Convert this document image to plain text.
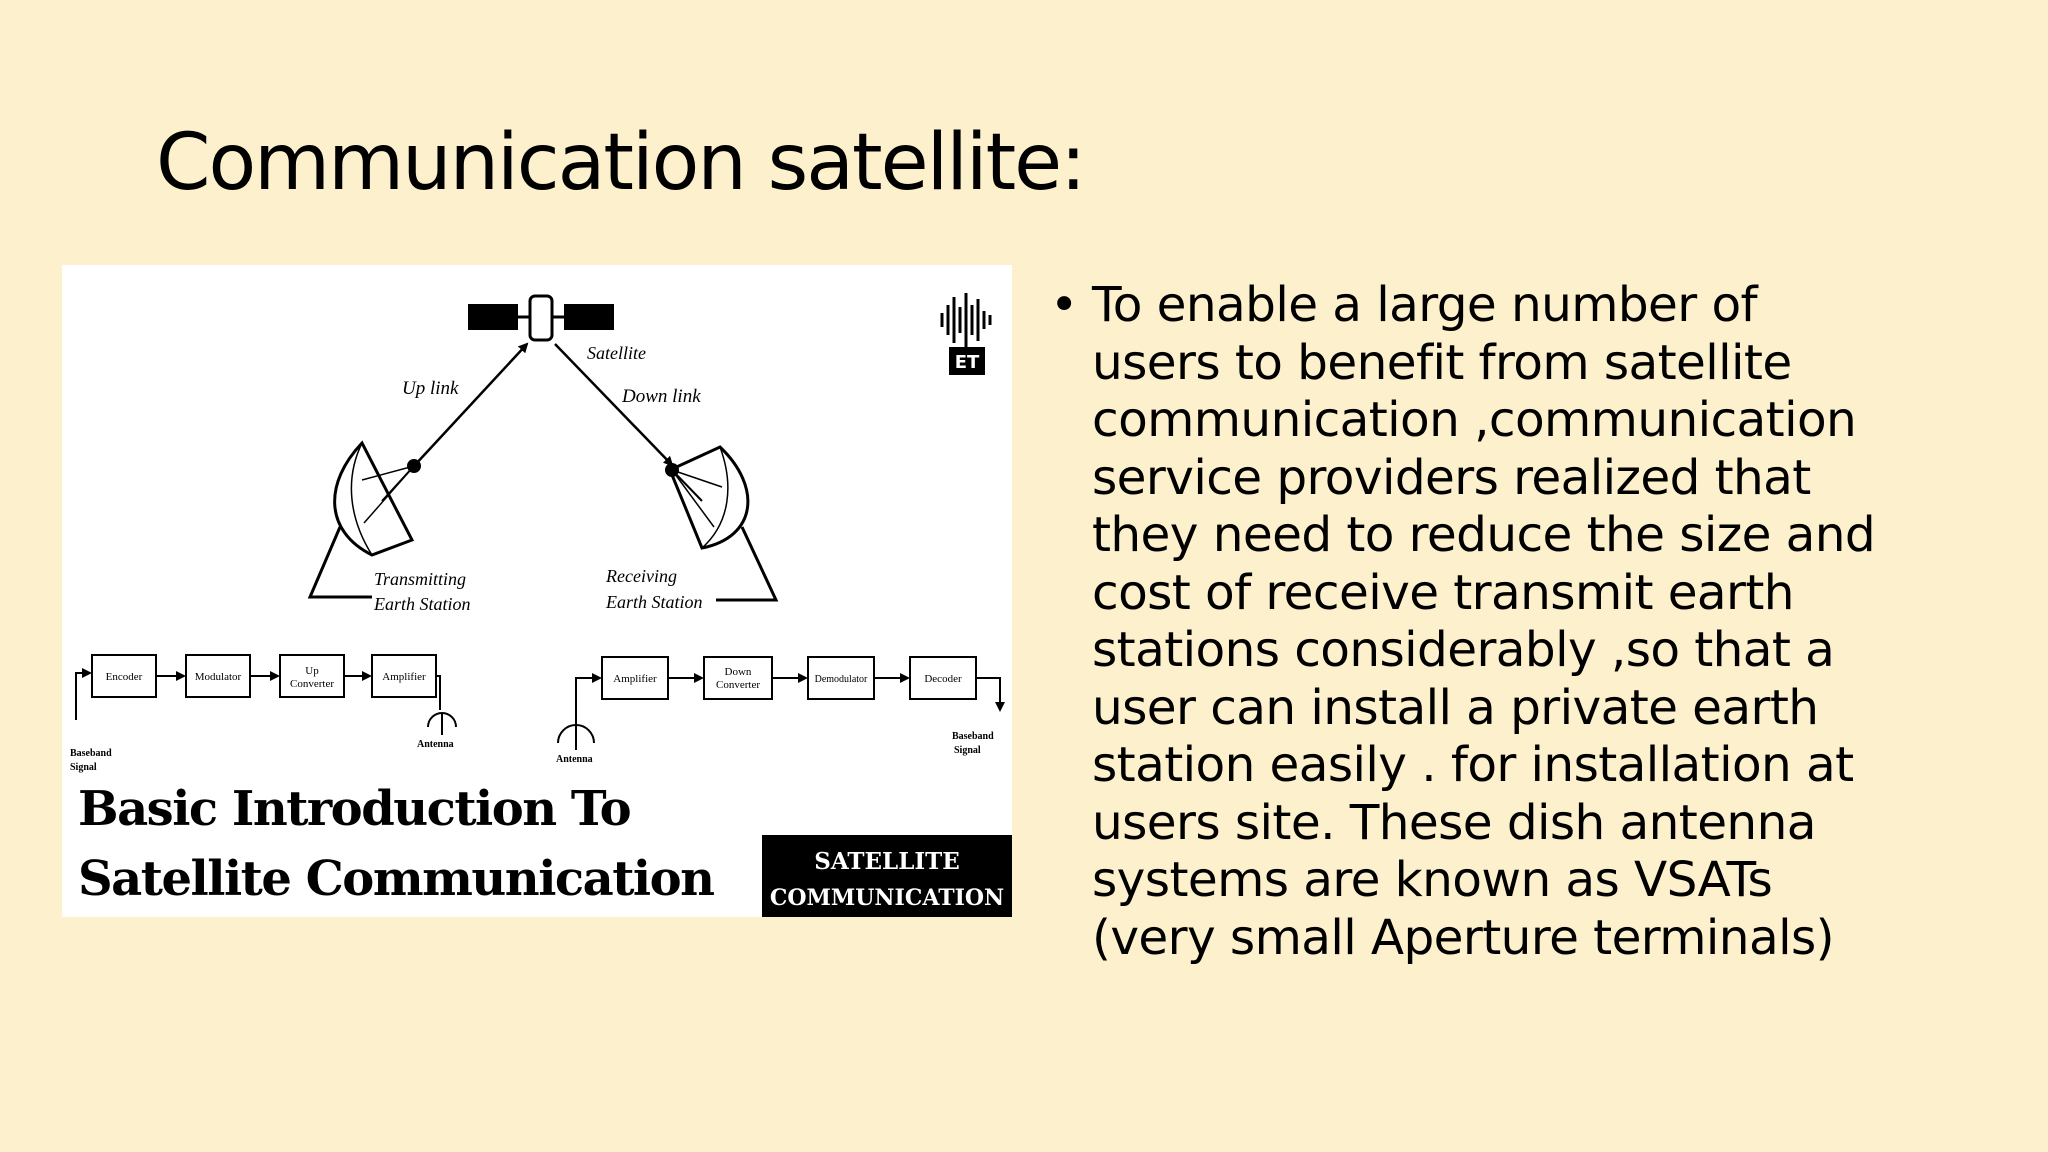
Communication satellite:
Satellite
Up link	Down link
Transmitting
Earth Station
Receiving
Earth Station
Encoder	Modulator	Up
Converter
Amplifier
Baseband
Signal
Antenna
Amplifier
Down
Converter	Demodulator	Decoder
Baseband
Signal
Antenna
Basic Introduction To
Satellite Communication	SATELLITE
COMMUNICATION
ET
• To enable a large number of
users to benefit from satellite
communication ,communication
service providers realized that
they need to reduce the size and
cost of receive transmit earth
stations considerably ,so that a
user can install a private earth
station easily . for installation at
users site. These dish antenna
systems are known as VSATs
(very small Aperture terminals)
